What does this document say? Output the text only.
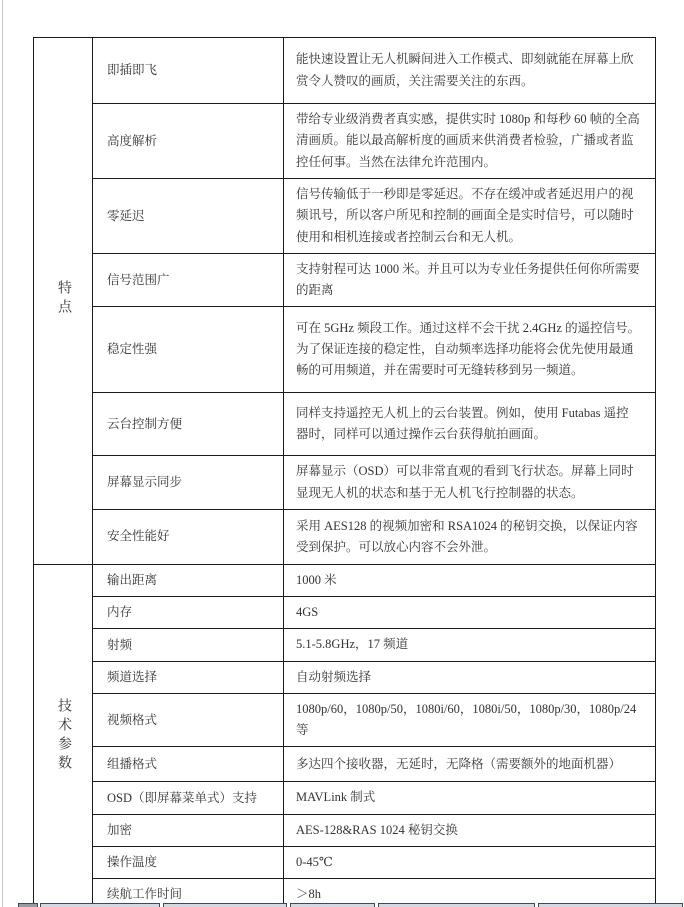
特点	即插即飞	能快速设置让无人机瞬间进入工作模式、即刻就能在屏幕上欣赏令人赞叹的画质，关注需要关注的东西。
	高度解析	带给专业级消费者真实感，提供实时 1080p 和每秒 60 帧的全高清画质。能以最高解析度的画质来供消费者检验，广播或者监控任何事。当然在法律允许范围内。
	零延迟	信号传输低于一秒即是零延迟。不存在缓冲或者延迟用户的视频讯号，所以客户所见和控制的画面全是实时信号，可以随时使用和相机连接或者控制云台和无人机。
	信号范围广	支持射程可达 1000 米。并且可以为专业任务提供任何你所需要的距离
	稳定性强	可在 5GHz 频段工作。通过这样不会干扰 2.4GHz 的遥控信号。为了保证连接的稳定性，自动频率选择功能将会优先使用最通畅的可用频道，并在需要时可无缝转移到另一频道。
	云台控制方便	同样支持遥控无人机上的云台装置。例如，使用 Futabas 遥控器时，同样可以通过操作云台获得航拍画面。
	屏幕显示同步	屏幕显示（OSD）可以非常直观的看到飞行状态。屏幕上同时显现无人机的状态和基于无人机飞行控制器的状态。
	安全性能好	采用 AES128 的视频加密和 RSA1024 的秘钥交换，以保证内容受到保护。可以放心内容不会外泄。
技术参数	输出距离	1000 米
	内存	4GS
	射频	5.1-5.8GHz，17 频道
	频道选择	自动射频选择
	视频格式	1080p/60，1080p/50，1080i/60，1080i/50，1080p/30，1080p/24 等
	组播格式	多达四个接收器，无延时，无降格（需要额外的地面机器）
	OSD（即屏幕菜单式）支持	MAVLink 制式
	加密	AES-128&RAS 1024 秘钥交换
	操作温度	0-45℃
	续航工作时间	＞8h
